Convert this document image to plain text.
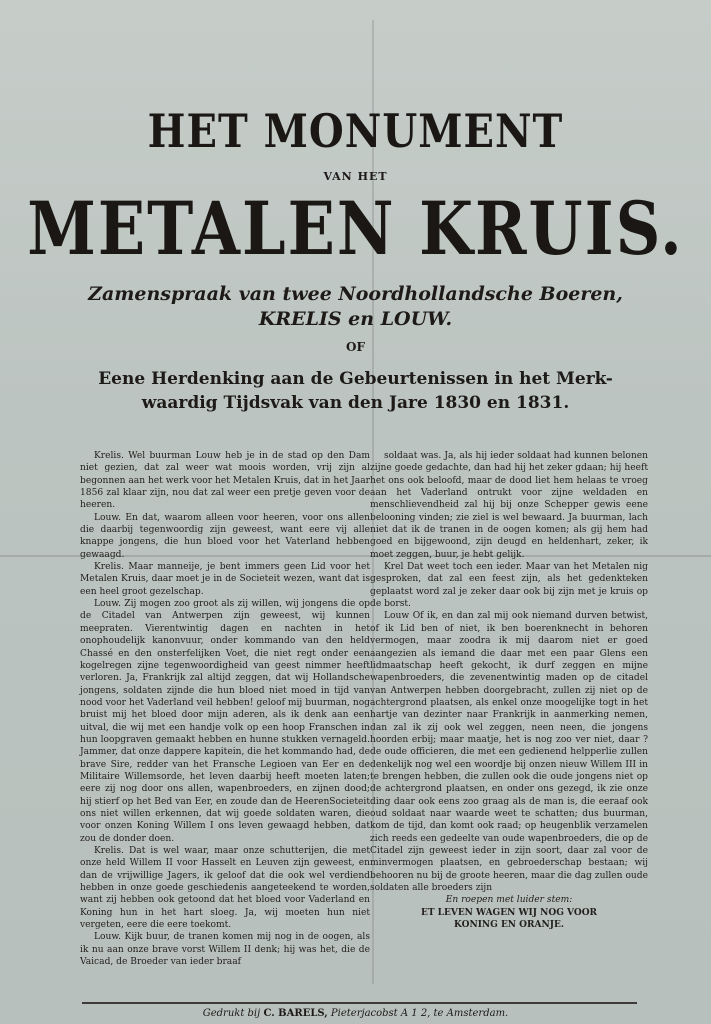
HET MONUMENT
VAN HET
METALEN KRUIS.
Zamenspraak van twee Noordhollandsche Boeren,
KRELIS en LOUW.
OF
Eene Herdenking aan de Gebeurtenissen in het Merk-
waardig Tijdsvak van den Jare 1830 en 1831.

Krelis. Wel buurman Louw heb je in de stad op den Dam niet gezien, dat zal weer wat moois worden, vrij zijn al begonnen aan het werk voor het Metalen Kruis, dat in het Jaar 1856 zal klaar zijn, nou dat zal weer een pretje geven voor de heeren.

Louw. En dat, waarom alleen voor heeren, voor ons allen die daarbij tegenwoordig zijn geweest, want eere vij alle knappe jongens, die hun bloed voor het Vaterland hebben gewaagd.

Krelis. Maar manneije, je bent immers geen Lid voor het Metalen Kruis, daar moet je in de Societeit wezen, want dat is een heel groot gezelschap.

Louw. Zij mogen zoo groot als zij willen, wij jongens die op de Citadel van Antwerpen zijn geweest, wij kunnen meepraten. Vierentwintig dagen en nachten in het onophoudelijk kanonvuur, onder kommando van den held Chassé en den onsterfelijken Voet, die niet regt onder een kogelregen zijne tegenwoordigheid van geest nimmer heeft verloren. Ja, Frankrijk zal altijd zeggen, dat wij Hollandsche jongens, soldaten zijnde die hun bloed niet moed in tijd van nood voor het Vaderland veil hebben! geloof mij buurman, nog bruist mij het bloed door mijn aderen, als ik denk aan een uitval, die wij met een handje volk op een hoop Franschen in hun loopgraven gemaakt hebben en hunne stukken vernageld. Jammer, dat onze dappere kapitein, die het kommando had, de brave Sire, redder van het Fransche Legioen van Eer en de Militaire Willemsorde, het leven daarbij heeft moeten laten; eere zij nog door ons allen, wapenbroeders, en zijnen dood; hij stierf op het Bed van Eer, en zoude dan de HeerenSocieteit ons niet willen erkennen, dat wij goede soldaten waren, die voor onzen Koning Willem I ons leven gewaagd hebben, dat zou de donder doen.

Krelis. Dat is wel waar, maar onze schutterijen, die met onze held Willem II voor Hasselt en Leuven zijn geweest, en dan de vrijwillige Jagers, ik geloof dat die ook wel verdiend hebben in onze goede geschiedenis aangeteekend te worden, want zij hebben ook getoond dat het bloed voor Vaderland en Koning hun in het hart sloeg. Ja, wij moeten hun niet vergeten, eere die eere toekomt.

Louw. Kijk buur, de tranen komen mij nog in de oogen, als ik nu aan onze brave vorst Willem II denk; hij was het, die de Vaicad, de Broeder van ieder braaf

soldaat was. Ja, als hij ieder soldaat had kunnen belonen zijne goede gedachte, dan had hij het zeker gdaan; hij heeft het ons ook beloofd, maar de dood liet hem helaas te vroeg aan het Vaderland ontrukt voor zijne weldaden en menschlievendheid zal hij bij onze Schepper gewis eene belooning vinden; zie ziel is wel bewaard. Ja buurman, lach niet dat ik de tranen in de oogen komen; als gij hem had goed en bijgewoond, zijn deugd en heldenhart, zeker, ik moet zeggen, buur, je hebt gelijk.

Krel Dat weet toch een ieder. Maar van het Metalen nig gesproken, dat zal een feest zijn, als het gedenkteken geplaatst word zal je zeker daar ook bij zijn met je kruis op de borst.

Louw Of ik, en dan zal mij ook niemand durven betwist, of ik Lid ben of niet, ik ben boerenknecht in behoren vermogen, maar zoodra ik mij daarom niet er goed aangezien als iemand die daar met een paar Glens een lidmaatschap heeft gekocht, ik durf zeggen en mijne wapenbroeders, die zevenentwintig maden op de citadel van Antwerpen hebben doorgebracht, zullen zij niet op de achtergrond plaatsen, als enkel onze moogelijke togt in het hartje van dezinter naar Frankrijk in aanmerking nemen, dan zal ik zij ook wel zeggen, neen neen, die jongens hoorden erbij; maar maatje, het is nog zoo ver niet, daar ? de oude officieren, die met een gedienend helpperlie zullen denkelijk nog wel een woordje bij onzen nieuw Willem III in te brengen hebben, die zullen ook die oude jongens niet op de achtergrond plaatsen, en onder ons gezegd, ik zie onze ding daar ook eens zoo graag als de man is, die eeraaf ook oud soldaat naar waarde weet te schatten; dus buurman, kom de tijd, dan komt ook raad; op heugenblik verzamelen zich reeds een gedeelte van oude wapenbroeders, die op de Citadel zijn geweest ieder in zijn soort, daar zal voor de minvermogen plaatsen, en gebroederschap bestaan; wij behooren nu bij de groote heeren, maar die dag zullen oude soldaten alle broeders zijn

En roepen met luider stem:

ET LEVEN WAGEN WIJ NOG VOOR
KONING EN ORANJE.

Gedrukt bij C. BARELS, Pieterjacobst A 1 2, te Amsterdam.
